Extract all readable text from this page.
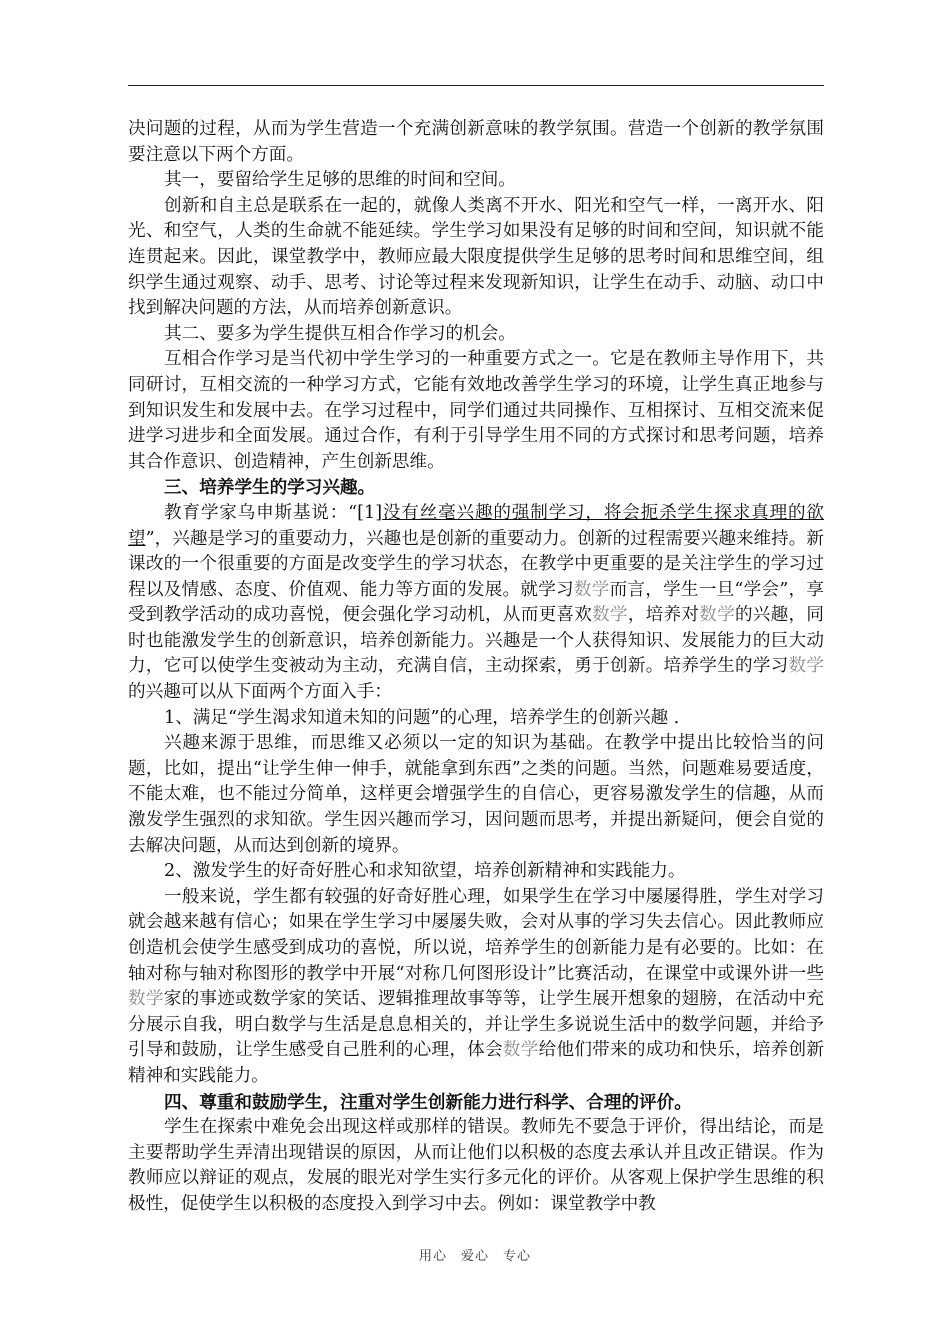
决问题的过程，从而为学生营造一个充满创新意味的教学氛围。营造一个创新的教学氛围要注意以下两个方面。

其一，要留给学生足够的思维的时间和空间。

创新和自主总是联系在一起的，就像人类离不开水、阳光和空气一样，一离开水、阳光、和空气，人类的生命就不能延续。学生学习如果没有足够的时间和空间，知识就不能连贯起来。因此，课堂教学中，教师应最大限度提供学生足够的思考时间和思维空间，组织学生通过观察、动手、思考、讨论等过程来发现新知识，让学生在动手、动脑、动口中找到解决问题的方法，从而培养创新意识。

其二、要多为学生提供互相合作学习的机会。

互相合作学习是当代初中学生学习的一种重要方式之一。它是在教师主导作用下，共同研讨，互相交流的一种学习方式，它能有效地改善学生学习的环境，让学生真正地参与到知识发生和发展中去。在学习过程中，同学们通过共同操作、互相探讨、互相交流来促进学习进步和全面发展。通过合作，有利于引导学生用不同的方式探讨和思考问题，培养其合作意识、创造精神，产生创新思维。

三、培养学生的学习兴趣。

教育学家乌申斯基说：“[1]没有丝毫兴趣的强制学习，将会扼杀学生探求真理的欲望”，兴趣是学习的重要动力，兴趣也是创新的重要动力。创新的过程需要兴趣来维持。新课改的一个很重要的方面是改变学生的学习状态，在教学中更重要的是关注学生的学习过程以及情感、态度、价值观、能力等方面的发展。就学习数学而言，学生一旦“学会”，享受到教学活动的成功喜悦，便会强化学习动机，从而更喜欢数学，培养对数学的兴趣，同时也能激发学生的创新意识，培养创新能力。兴趣是一个人获得知识、发展能力的巨大动力，它可以使学生变被动为主动，充满自信，主动探索，勇于创新。培养学生的学习数学的兴趣可以从下面两个方面入手：

1、满足“学生渴求知道未知的问题”的心理，培养学生的创新兴趣 ．

兴趣来源于思维，而思维又必须以一定的知识为基础。在教学中提出比较恰当的问题，比如，提出“让学生伸一伸手，就能拿到东西”之类的问题。当然，问题难易要适度，不能太难，也不能过分简单，这样更会增强学生的自信心，更容易激发学生的信趣，从而激发学生强烈的求知欲。学生因兴趣而学习，因问题而思考，并提出新疑问，便会自觉的去解决问题，从而达到创新的境界。

2、激发学生的好奇好胜心和求知欲望，培养创新精神和实践能力。

一般来说，学生都有较强的好奇好胜心理，如果学生在学习中屡屡得胜，学生对学习就会越来越有信心；如果在学生学习中屡屡失败，会对从事的学习失去信心。因此教师应创造机会使学生感受到成功的喜悦，所以说，培养学生的创新能力是有必要的。比如：在轴对称与轴对称图形的教学中开展“对称几何图形设计”比赛活动，在课堂中或课外讲一些数学家的事迹或数学家的笑话、逻辑推理故事等等，让学生展开想象的翅膀，在活动中充分展示自我，明白数学与生活是息息相关的，并让学生多说说生活中的数学问题，并给予引导和鼓励，让学生感受自己胜利的心理，体会数学给他们带来的成功和快乐，培养创新精神和实践能力。

四、尊重和鼓励学生，注重对学生创新能力进行科学、合理的评价。

学生在探索中难免会出现这样或那样的错误。教师先不要急于评价，得出结论，而是主要帮助学生弄清出现错误的原因，从而让他们以积极的态度去承认并且改正错误。作为教师应以辩证的观点，发展的眼光对学生实行多元化的评价。从客观上保护学生思维的积极性，促使学生以积极的态度投入到学习中去。例如：课堂教学中教

用心　爱心　专心
